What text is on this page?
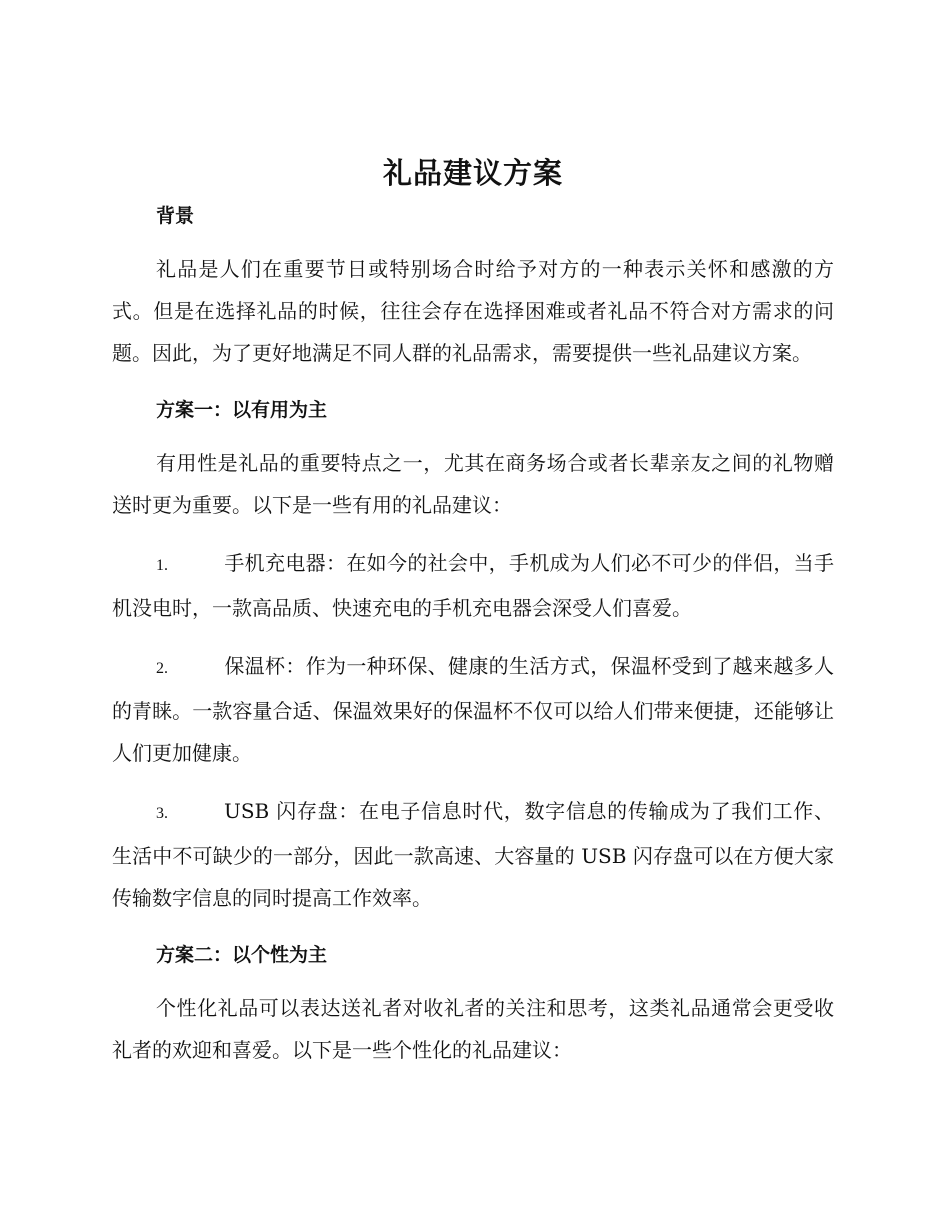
礼品建议方案
背景

礼品是人们在重要节日或特别场合时给予对方的一种表示关怀和感激的方式。但是在选择礼品的时候，往往会存在选择困难或者礼品不符合对方需求的问题。因此，为了更好地满足不同人群的礼品需求，需要提供一些礼品建议方案。

方案一：以有用为主

有用性是礼品的重要特点之一，尤其在商务场合或者长辈亲友之间的礼物赠送时更为重要。以下是一些有用的礼品建议：

1.	手机充电器：在如今的社会中，手机成为人们必不可少的伴侣，当手机没电时，一款高品质、快速充电的手机充电器会深受人们喜爱。

2.	保温杯：作为一种环保、健康的生活方式，保温杯受到了越来越多人的青睐。一款容量合适、保温效果好的保温杯不仅可以给人们带来便捷，还能够让人们更加健康。

3.	USB 闪存盘：在电子信息时代，数字信息的传输成为了我们工作、生活中不可缺少的一部分，因此一款高速、大容量的 USB 闪存盘可以在方便大家传输数字信息的同时提高工作效率。

方案二：以个性为主

个性化礼品可以表达送礼者对收礼者的关注和思考，这类礼品通常会更受收礼者的欢迎和喜爱。以下是一些个性化的礼品建议：
